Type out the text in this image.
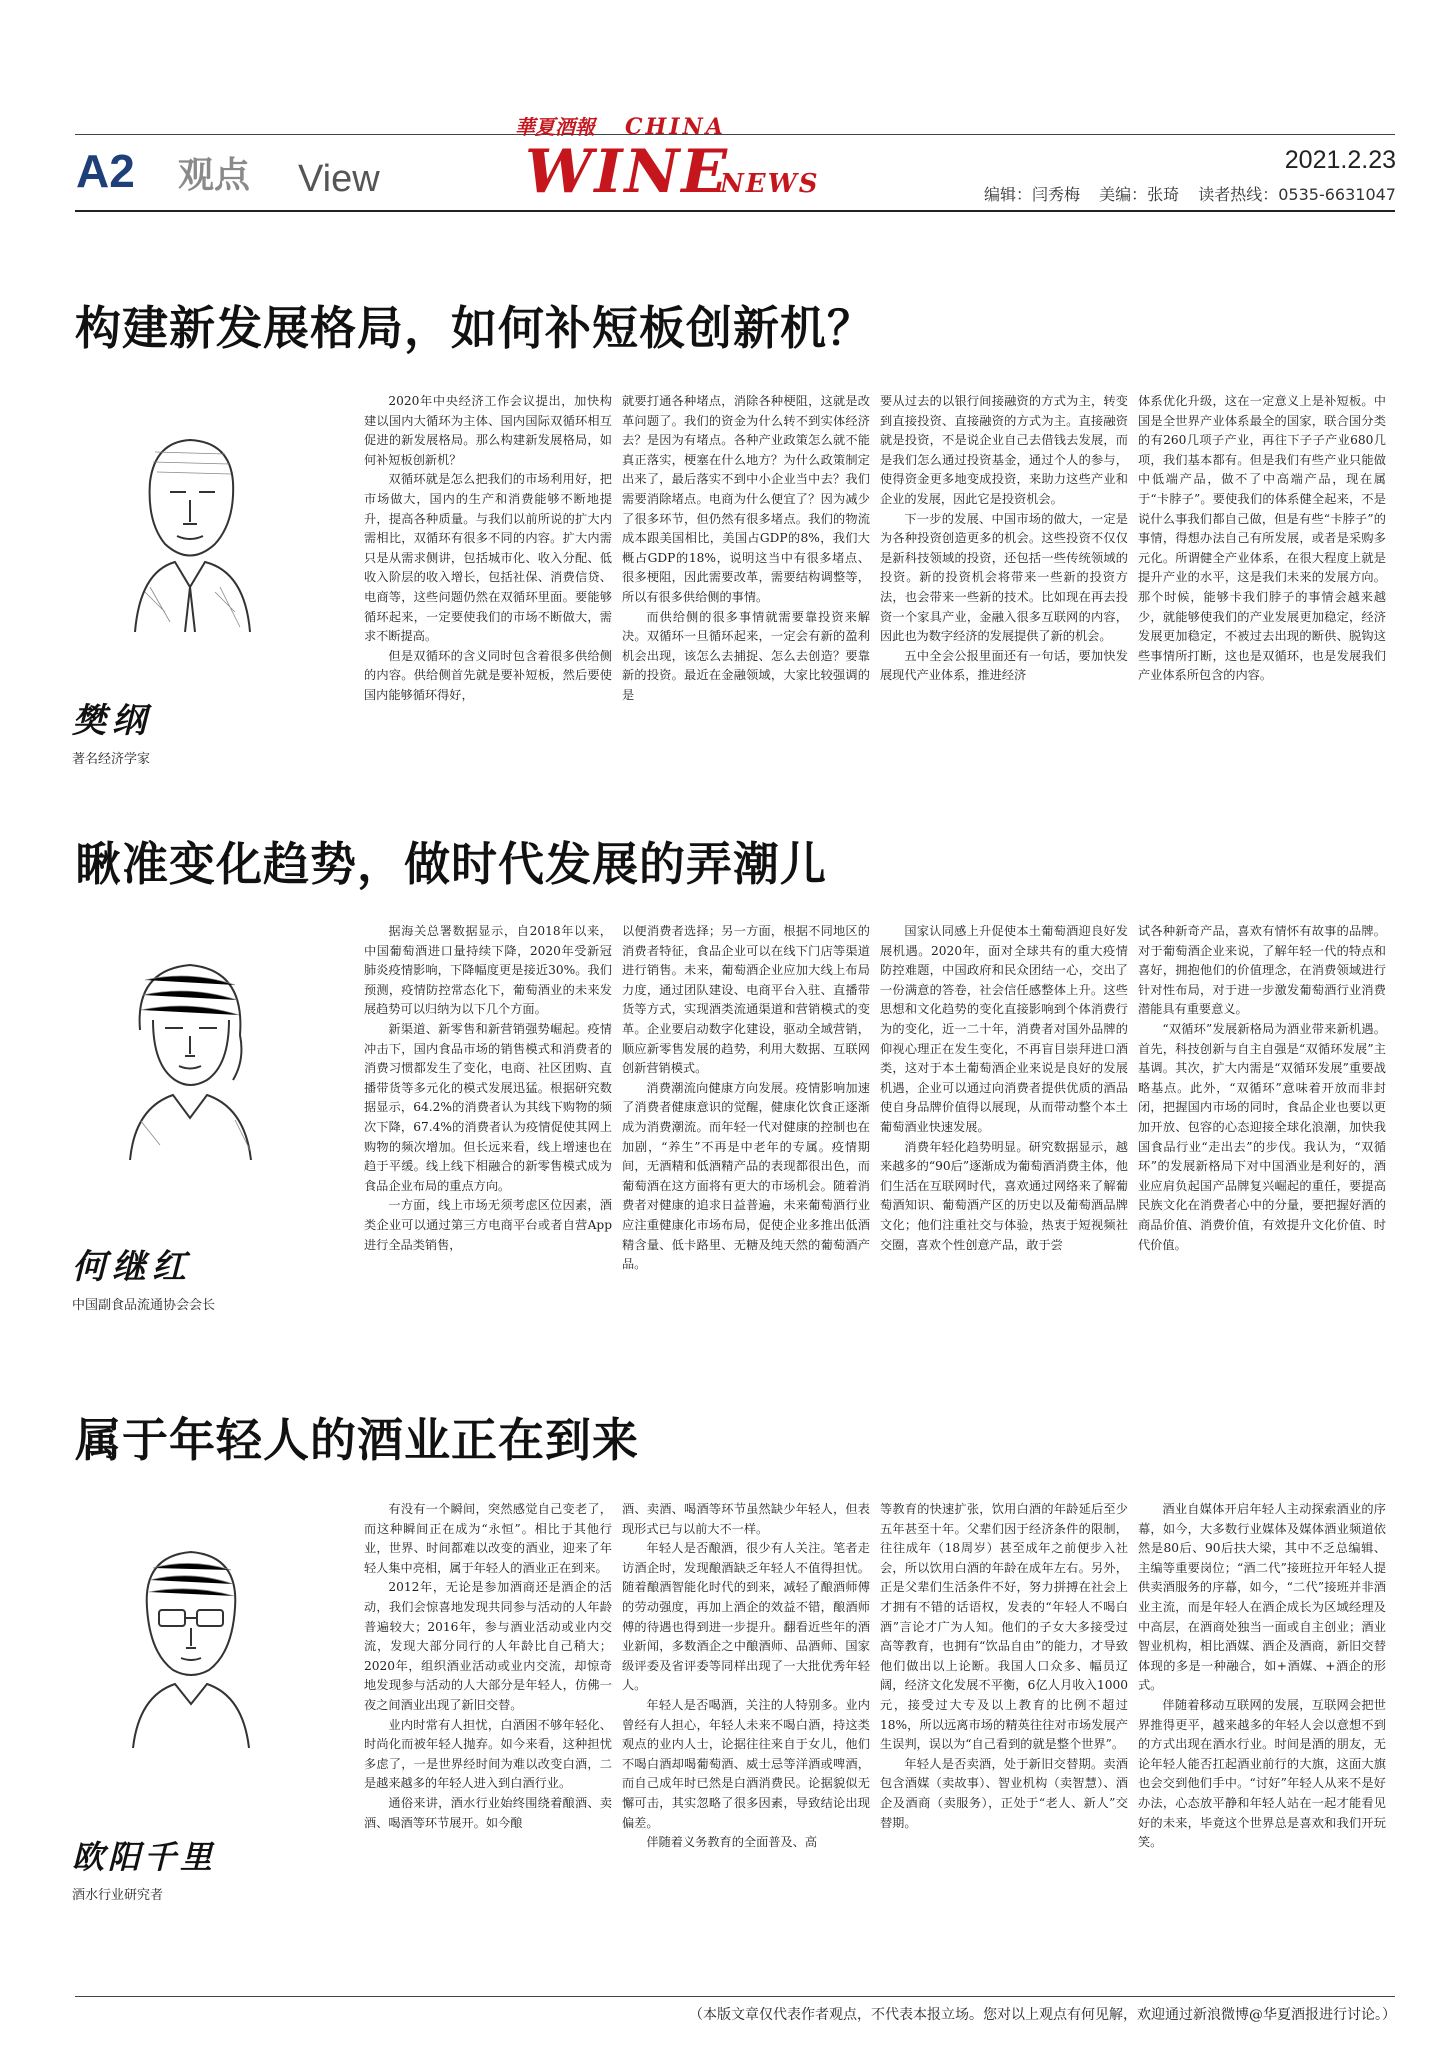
A2 观点 View
華夏酒報 CHINA
WINE
NEWS
2021.2.23
编辑：闫秀梅 美编：张琦 读者热线：0535-6631047
构建新发展格局，如何补短板创新机？
樊纲
著名经济学家

2020年中央经济工作会议提出，加快构建以国内大循环为主体、国内国际双循环相互促进的新发展格局。那么构建新发展格局，如何补短板创新机？

双循环就是怎么把我们的市场利用好，把市场做大，国内的生产和消费能够不断地提升，提高各种质量。与我们以前所说的扩大内需相比，双循环有很多不同的内容。扩大内需只是从需求侧讲，包括城市化、收入分配、低收入阶层的收入增长，包括社保、消费信贷、电商等，这些问题仍然在双循环里面。要能够循环起来，一定要使我们的市场不断做大，需求不断提高。

但是双循环的含义同时包含着很多供给侧的内容。供给侧首先就是要补短板，然后要使国内能够循环得好，

就要打通各种堵点，消除各种梗阻，这就是改革问题了。我们的资金为什么转不到实体经济去？是因为有堵点。各种产业政策怎么就不能真正落实，梗塞在什么地方？为什么政策制定出来了，最后落实不到中小企业当中去？我们需要消除堵点。电商为什么便宜了？因为减少了很多环节，但仍然有很多堵点。我们的物流成本跟美国相比，美国占GDP的8%，我们大概占GDP的18%，说明这当中有很多堵点、很多梗阻，因此需要改革，需要结构调整等，所以有很多供给侧的事情。

而供给侧的很多事情就需要靠投资来解决。双循环一旦循环起来，一定会有新的盈利机会出现，该怎么去捕捉、怎么去创造？要靠新的投资。最近在金融领域，大家比较强调的是

要从过去的以银行间接融资的方式为主，转变到直接投资、直接融资的方式为主。直接融资就是投资，不是说企业自己去借钱去发展，而是我们怎么通过投资基金，通过个人的参与，使得资金更多地变成投资，来助力这些产业和企业的发展，因此它是投资机会。

下一步的发展、中国市场的做大，一定是为各种投资创造更多的机会。这些投资不仅仅是新科技领域的投资，还包括一些传统领域的投资。新的投资机会将带来一些新的投资方法，也会带来一些新的技术。比如现在再去投资一个家具产业，金融入很多互联网的内容，因此也为数字经济的发展提供了新的机会。

五中全会公报里面还有一句话，要加快发展现代产业体系，推进经济

体系优化升级，这在一定意义上是补短板。中国是全世界产业体系最全的国家，联合国分类的有260几项子产业，再往下子子产业680几项，我们基本都有。但是我们有些产业只能做中低端产品，做不了中高端产品，现在属于“卡脖子”。要使我们的体系健全起来，不是说什么事我们都自己做，但是有些“卡脖子”的事情，得想办法自己有所发展，或者是采购多元化。所谓健全产业体系，在很大程度上就是提升产业的水平，这是我们未来的发展方向。那个时候，能够卡我们脖子的事情会越来越少，就能够使我们的产业发展更加稳定，经济发展更加稳定，不被过去出现的断供、脱钩这些事情所打断，这也是双循环，也是发展我们产业体系所包含的内容。

瞅准变化趋势，做时代发展的弄潮儿
何继红
中国副食品流通协会会长

据海关总署数据显示，自2018年以来，中国葡萄酒进口量持续下降，2020年受新冠肺炎疫情影响，下降幅度更是接近30%。我们预测，疫情防控常态化下，葡萄酒业的未来发展趋势可以归纳为以下几个方面。

新渠道、新零售和新营销强势崛起。疫情冲击下，国内食品市场的销售模式和消费者的消费习惯都发生了变化，电商、社区团购、直播带货等多元化的模式发展迅猛。根据研究数据显示，64.2%的消费者认为其线下购物的频次下降，67.4%的消费者认为疫情促使其网上购物的频次增加。但长远来看，线上增速也在趋于平缓。线上线下相融合的新零售模式成为食品企业布局的重点方向。

一方面，线上市场无须考虑区位因素，酒类企业可以通过第三方电商平台或者自营App进行全品类销售，

以便消费者选择；另一方面，根据不同地区的消费者特征，食品企业可以在线下门店等渠道进行销售。未来，葡萄酒企业应加大线上布局力度，通过团队建设、电商平台入驻、直播带货等方式，实现酒类流通渠道和营销模式的变革。企业要启动数字化建设，驱动全域营销，顺应新零售发展的趋势，利用大数据、互联网创新营销模式。

消费潮流向健康方向发展。疫情影响加速了消费者健康意识的觉醒，健康化饮食正逐渐成为消费潮流。而年轻一代对健康的控制也在加剧，“养生”不再是中老年的专属。疫情期间，无酒精和低酒精产品的表现都很出色，而葡萄酒在这方面将有更大的市场机会。随着消费者对健康的追求日益普遍，未来葡萄酒行业应注重健康化市场布局，促使企业多推出低酒精含量、低卡路里、无糖及纯天然的葡萄酒产品。

国家认同感上升促使本土葡萄酒迎良好发展机遇。2020年，面对全球共有的重大疫情防控难题，中国政府和民众团结一心，交出了一份满意的答卷，社会信任感整体上升。这些思想和文化趋势的变化直接影响到个体消费行为的变化，近一二十年，消费者对国外品牌的仰视心理正在发生变化，不再盲目崇拜进口酒类，这对于本土葡萄酒企业来说是良好的发展机遇，企业可以通过向消费者提供优质的酒品使自身品牌价值得以展现，从而带动整个本土葡萄酒业快速发展。

消费年轻化趋势明显。研究数据显示，越来越多的“90后”逐渐成为葡萄酒消费主体，他们生活在互联网时代，喜欢通过网络来了解葡萄酒知识、葡萄酒产区的历史以及葡萄酒品牌文化；他们注重社交与体验，热衷于短视频社交圈，喜欢个性创意产品，敢于尝

试各种新奇产品，喜欢有情怀有故事的品牌。对于葡萄酒企业来说，了解年轻一代的特点和喜好，拥抱他们的价值理念，在消费领域进行针对性布局，对于进一步激发葡萄酒行业消费潜能具有重要意义。

“双循环”发展新格局为酒业带来新机遇。首先，科技创新与自主自强是“双循环发展”主基调。其次，扩大内需是“双循环发展”重要战略基点。此外，“双循环”意味着开放而非封闭，把握国内市场的同时，食品企业也要以更加开放、包容的心态迎接全球化浪潮，加快我国食品行业“走出去”的步伐。我认为，“双循环”的发展新格局下对中国酒业是利好的，酒业应肩负起国产品牌复兴崛起的重任，要提高民族文化在消费者心中的分量，要把握好酒的商品价值、消费价值，有效提升文化价值、时代价值。

属于年轻人的酒业正在到来
欧阳千里
酒水行业研究者

有没有一个瞬间，突然感觉自己变老了，而这种瞬间正在成为“永恒”。相比于其他行业，世界、时间都难以改变的酒业，迎来了年轻人集中亮相，属于年轻人的酒业正在到来。

2012年，无论是参加酒商还是酒企的活动，我们会惊喜地发现共同参与活动的人年龄普遍较大；2016年，参与酒业活动或业内交流，发现大部分同行的人年龄比自己稍大；2020年，组织酒业活动或业内交流，却惊奇地发现参与活动的人大部分是年轻人，仿佛一夜之间酒业出现了新旧交替。

业内时常有人担忧，白酒困不够年轻化、时尚化而被年轻人抛弃。如今来看，这种担忧多虑了，一是世界经时间为难以改变白酒，二是越来越多的年轻人进入到白酒行业。

通俗来讲，酒水行业始终围绕着酿酒、卖酒、喝酒等环节展开。如今酿

酒、卖酒、喝酒等环节虽然缺少年轻人，但表现形式已与以前大不一样。

年轻人是否酿酒，很少有人关注。笔者走访酒企时，发现酿酒缺乏年轻人不值得担忧。随着酿酒智能化时代的到来，减轻了酿酒师傅的劳动强度，再加上酒企的效益不错，酿酒师傅的待遇也得到进一步提升。翻看近些年的酒业新闻，多数酒企之中酿酒师、品酒师、国家级评委及省评委等同样出现了一大批优秀年轻人。

年轻人是否喝酒，关注的人特别多。业内曾经有人担心，年轻人未来不喝白酒，持这类观点的业内人士，论据往往来自于女儿，他们不喝白酒却喝葡萄酒、威士忌等洋酒或啤酒，而自己成年时已然是白酒消费民。论据貌似无懈可击，其实忽略了很多因素，导致结论出现偏差。

伴随着义务教育的全面普及、高

等教育的快速扩张，饮用白酒的年龄延后至少五年甚至十年。父辈们因于经济条件的限制，往往成年（18周岁）甚至成年之前便步入社会，所以饮用白酒的年龄在成年左右。另外，正是父辈们生活条件不好，努力拼搏在社会上才拥有不错的话语权，发表的“年轻人不喝白酒”言论才广为人知。他们的子女大多接受过高等教育，也拥有“饮品自由”的能力，才导致他们做出以上论断。我国人口众多、幅员辽阔，经济文化发展不平衡，6亿人月收入1000元，接受过大专及以上教育的比例不超过18%，所以远离市场的精英往往对市场发展产生误判，误以为“自己看到的就是整个世界”。

年轻人是否卖酒，处于新旧交替期。卖酒包含酒媒（卖故事）、智业机构（卖智慧）、酒企及酒商（卖服务），正处于“老人、新人”交替期。

酒业自媒体开启年轻人主动探索酒业的序幕，如今，大多数行业媒体及媒体酒业频道依然是80后、90后扶大梁，其中不乏总编辑、主编等重要岗位；“酒二代”接班拉开年轻人提供卖酒服务的序幕，如今，“二代”接班并非酒业主流，而是年轻人在酒企成长为区域经理及中高层，在酒商处独当一面或自主创业；酒业智业机构，相比酒媒、酒企及酒商，新旧交替体现的多是一种融合，如+酒媒、+酒企的形式。

伴随着移动互联网的发展，互联网会把世界推得更平，越来越多的年轻人会以意想不到的方式出现在酒水行业。时间是酒的朋友，无论年轻人能否扛起酒业前行的大旗，这面大旗也会交到他们手中。“讨好”年轻人从来不是好办法，心态放平静和年轻人站在一起才能看见好的未来，毕竟这个世界总是喜欢和我们开玩笑。

（本版文章仅代表作者观点，不代表本报立场。您对以上观点有何见解，欢迎通过新浪微博@华夏酒报进行讨论。）
